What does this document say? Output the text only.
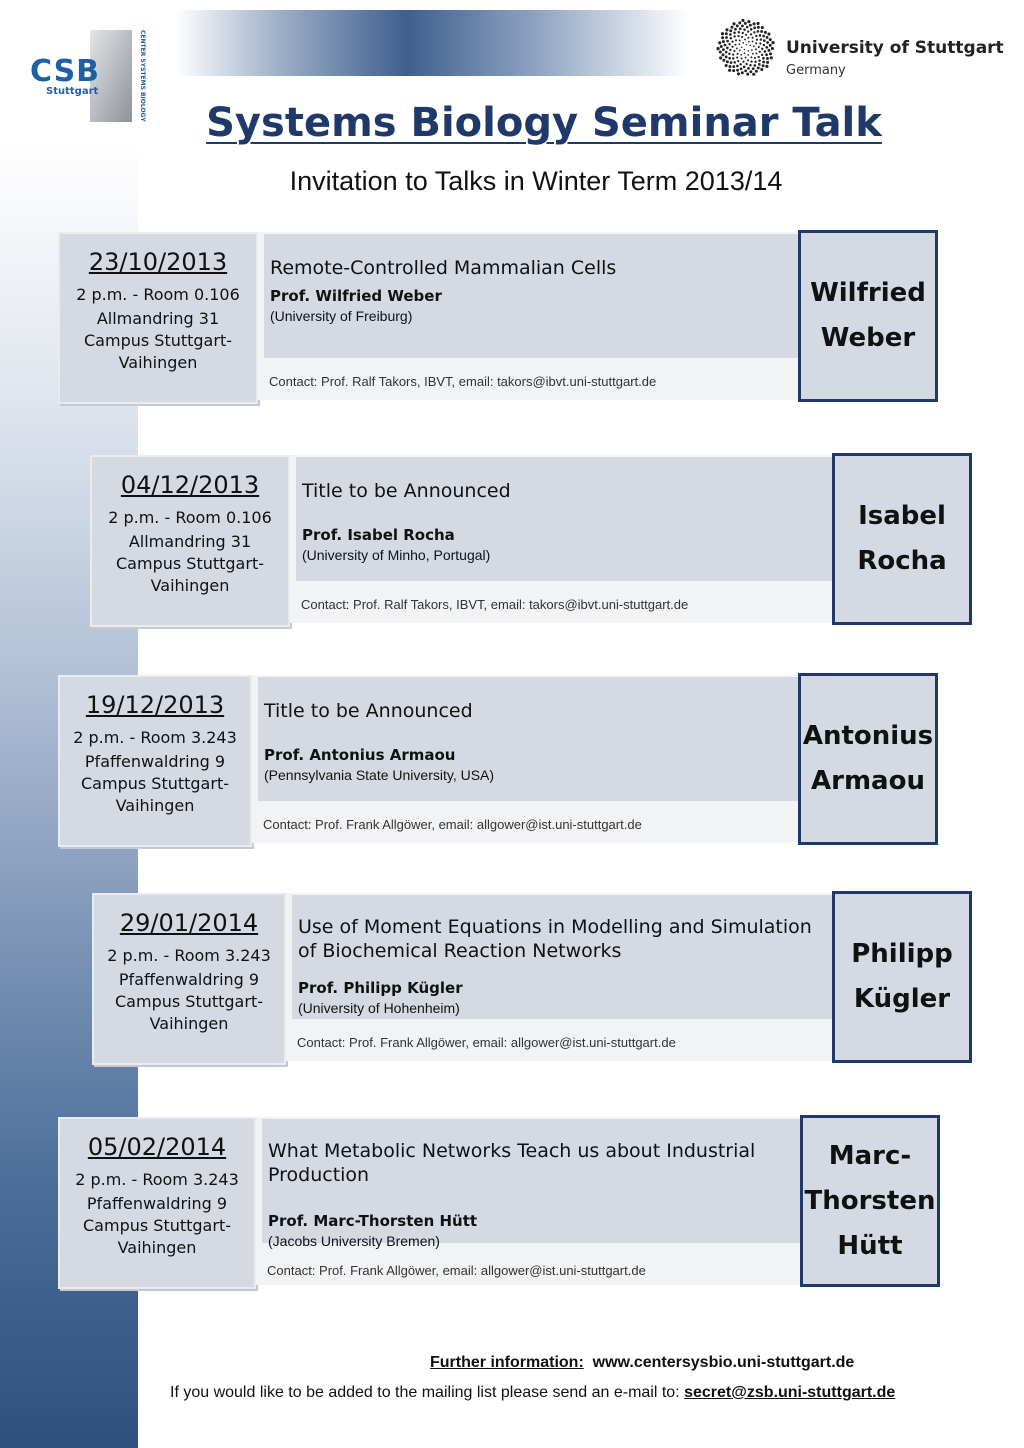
CSB
Stuttgart	CENTER SYSTEMS BIOLOGY	University of Stuttgart
Germany
Systems Biology Seminar Talk
Invitation to Talks in Winter Term 2013/14
23/10/2013
2 p.m. - Room 0.106
Allmandring 31
Campus Stuttgart-
Vaihingen
Remote-Controlled Mammalian Cells
Prof. Wilfried Weber
(University of Freiburg)
Contact: Prof. Ralf Takors, IBVT, email: takors@ibvt.uni-stuttgart.de
Wilfried
Weber
04/12/2013
2 p.m. - Room 0.106
Allmandring 31
Campus Stuttgart-
Vaihingen
Title to be Announced
Prof. Isabel Rocha
(University of Minho, Portugal)
Contact: Prof. Ralf Takors, IBVT, email: takors@ibvt.uni-stuttgart.de
Isabel
Rocha
19/12/2013
2 p.m. - Room 3.243
Pfaffenwaldring 9
Campus Stuttgart-
Vaihingen
Title to be Announced
Prof. Antonius Armaou
(Pennsylvania State University, USA)
Contact: Prof. Frank Allgöwer, email: allgower@ist.uni-stuttgart.de
Antonius
Armaou
29/01/2014
2 p.m. - Room 3.243
Pfaffenwaldring 9
Campus Stuttgart-
Vaihingen
Use of Moment Equations in Modelling and Simulation of Biochemical Reaction Networks
Prof. Philipp Kügler
(University of Hohenheim)
Contact: Prof. Frank Allgöwer, email: allgower@ist.uni-stuttgart.de
Philipp
Kügler
05/02/2014
2 p.m. - Room 3.243
Pfaffenwaldring 9
Campus Stuttgart-
Vaihingen
What Metabolic Networks Teach us about Industrial Production
Prof. Marc-Thorsten Hütt
(Jacobs University Bremen)
Contact: Prof. Frank Allgöwer, email: allgower@ist.uni-stuttgart.de
Marc-
Thorsten
Hütt
Further information: www.centersysbio.uni-stuttgart.de
If you would like to be added to the mailing list please send an e-mail to: secret@zsb.uni-stuttgart.de
